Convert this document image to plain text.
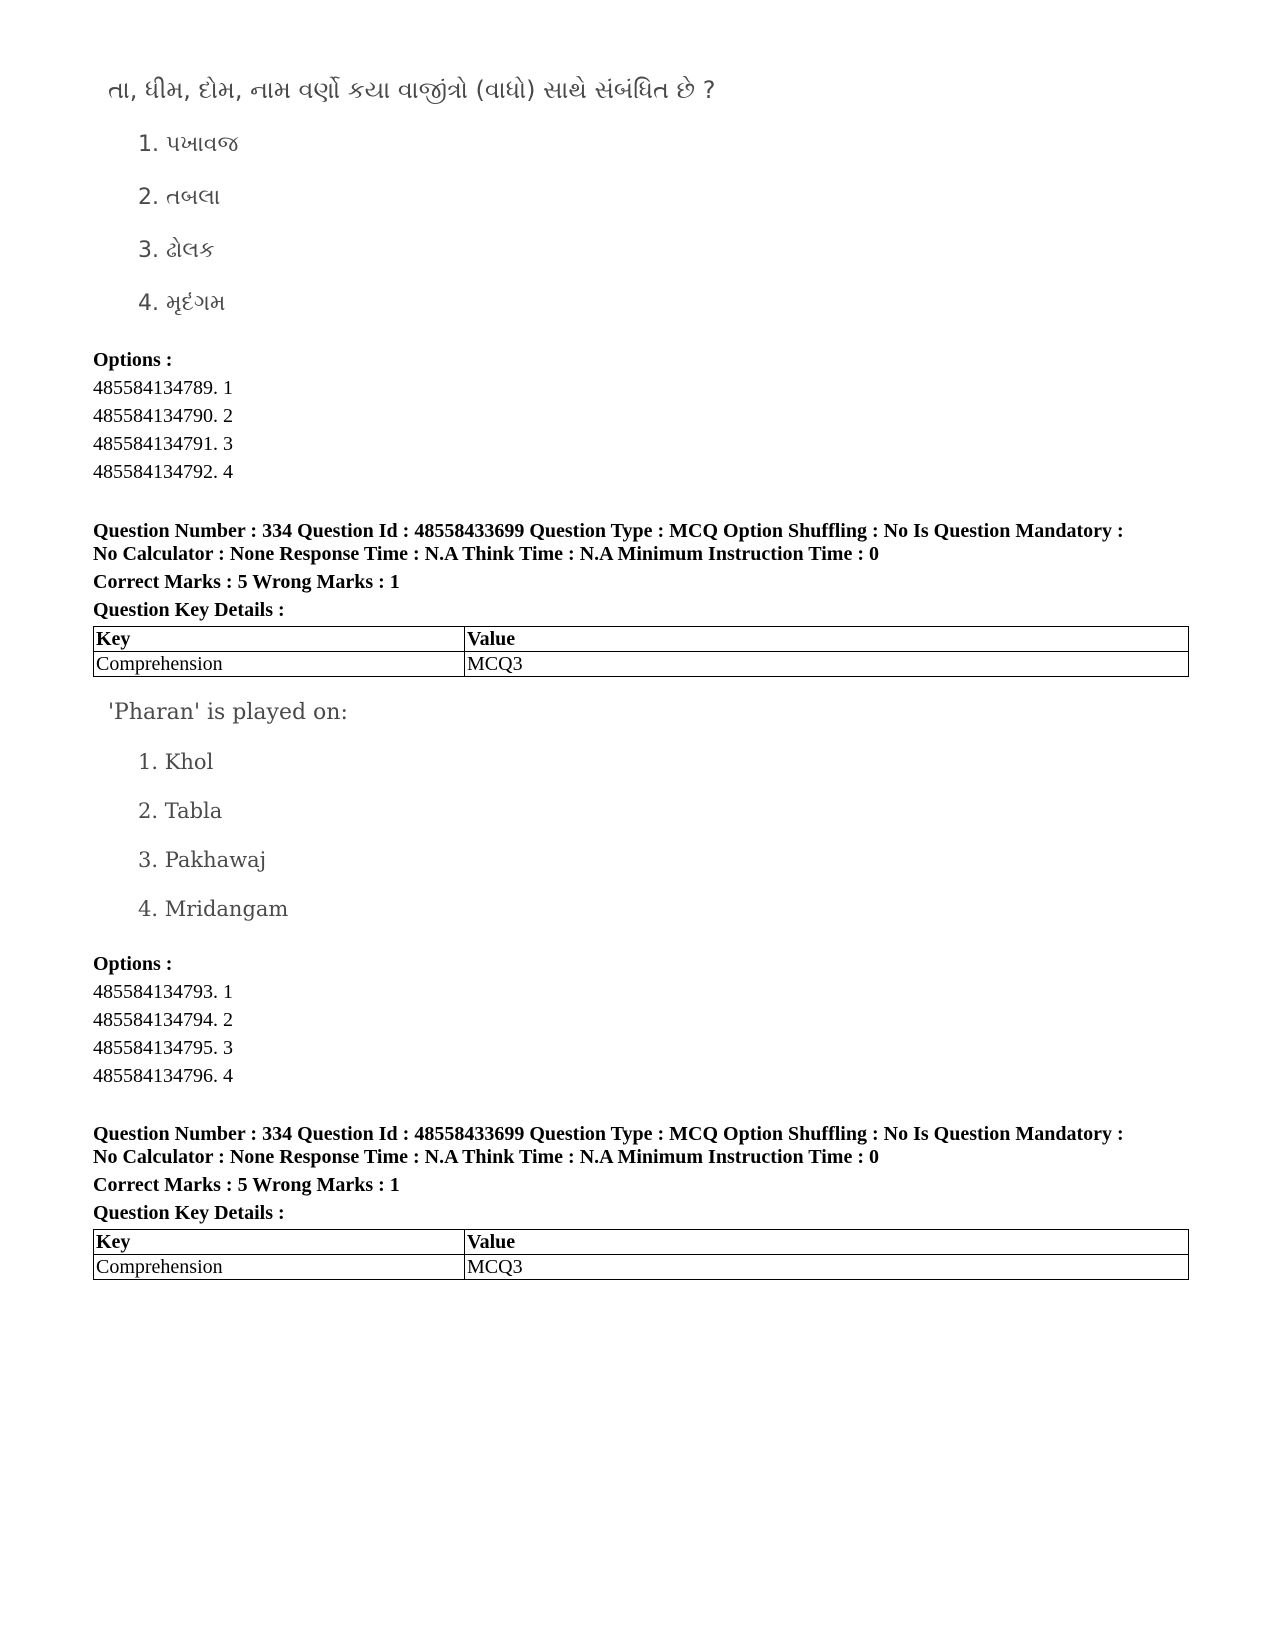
તા, ધીમ, દોમ, નામ વર્ણો કયા વાજીંત્રો (વાધો) સાથે સંબંધિત છે ?

1. પખાવજ
2. તબલા
3. ઢોલક
4. મૃદંગમ
Options :
485584134789. 1
485584134790. 2
485584134791. 3
485584134792. 4
Question Number : 334 Question Id : 48558433699 Question Type : MCQ Option Shuffling : No Is Question Mandatory :
No Calculator : None Response Time : N.A Think Time : N.A Minimum Instruction Time : 0
Correct Marks : 5 Wrong Marks : 1
Question Key Details :
Key	Value
Comprehension	MCQ3

'Pharan' is played on:

1. Khol
2. Tabla
3. Pakhawaj
4. Mridangam
Options :
485584134793. 1
485584134794. 2
485584134795. 3
485584134796. 4
Question Number : 334 Question Id : 48558433699 Question Type : MCQ Option Shuffling : No Is Question Mandatory :
No Calculator : None Response Time : N.A Think Time : N.A Minimum Instruction Time : 0
Correct Marks : 5 Wrong Marks : 1
Question Key Details :
Key	Value
Comprehension	MCQ3
